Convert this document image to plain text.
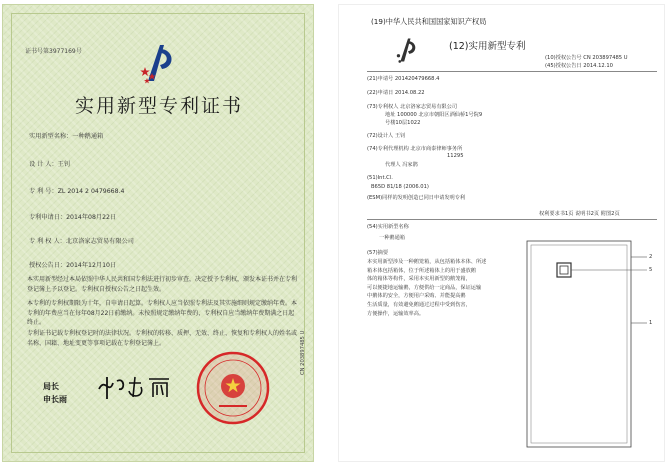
证书号第3977169号
实用新型专利证书
实用新型名称：一种鹅通箱
设 计 人：王钊
专 利 号：ZL 2014 2 0479668.4
专利申请日：2014年08月22日
专 利 权 人：北京洛家志贸易有限公司
授权公告日：2014年12月10日
本实用新型经过本局依照中华人民共和国专利法进行初步审查，决定授予专利权，颁发本证书并在专利登记簿上予以登记。专利权自授权公告之日起生效。
本专利的专利权期限为十年，自申请日起算。专利权人应当依照专利法及其实施细则规定缴纳年费。本专利的年费应当在每年08月22日前缴纳。未按照规定缴纳年费的，专利权自应当缴纳年费期满之日起终止。
专利证书记载专利权登记时的法律状况。专利权的转移、质押、无效、终止、恢复和专利权人的姓名或名称、国籍、地址变更等事项记载在专利登记簿上。
局长
申长雨
(19)中华人民共和国国家知识产权局
(12)实用新型专利
(10)授权公告号 CN 203897485 U
(45)授权公告日 2014.12.10
(21)申请号 201420479668.4
(22)申请日 2014.08.22
(73)专利权人 北京洛家志贸易有限公司
地址 100000 北京市朝阳区酒仙桥1号院9
号楼10层1022
(72)设计人 王钊
(74)专利代理机构 北京市商泰律师事务所
11295
代理人 冯家鹃
(51)Int.Cl.
B65D 81/18 (2006.01)
(ESM)同样的发明创造已同日申请发明专利
权利要求书1页 说明书2页 附图2页
(54)实用新型名称
一种鹅通箱
(57)摘要
本实用新型涉及一种鹅笼箱，从包括箱体本体、所述
箱本体包括箱体，位于所述箱体上的用于盛放鹅
体的箱体等构件，采用本实用新型的鹅笼箱，
可以便捷地运输鹅，方便供给一定商品，保证运输
中鹅体的安全，方便用户采购、并能提高鹅
生活质量，有效避免鹅通过过程中受到伤害，
方便操作，运输效率高。
2
5
1
CN 203897485 U
